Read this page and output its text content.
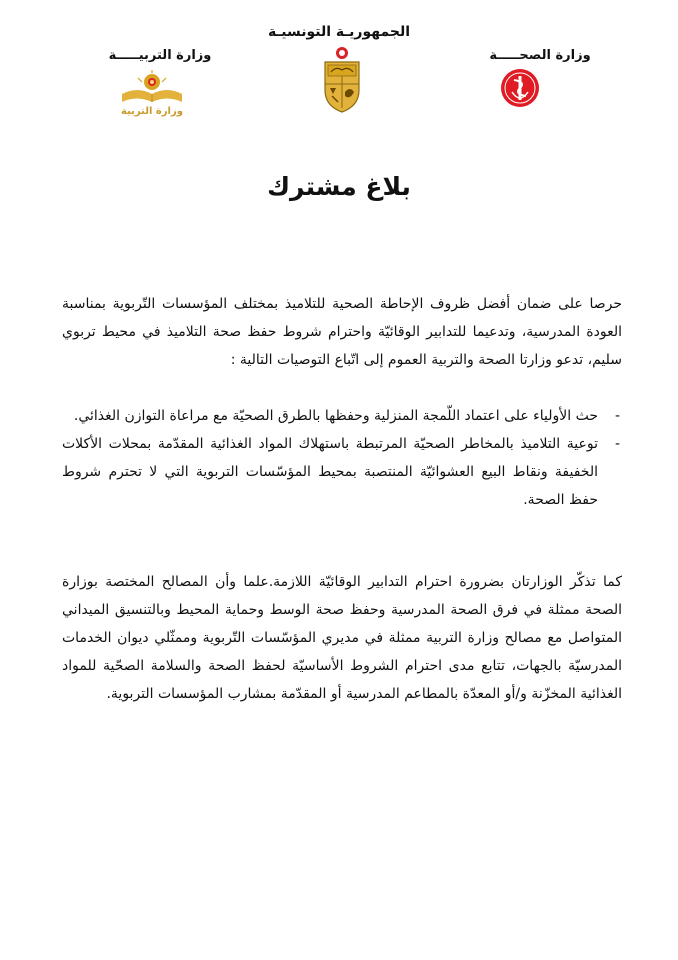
الجمهوريـة التونسيـة
وزارة التربيـــــة	وزارة الصحـــــة
وزارة التربية
بلاغ مشترك

حرصا على ضمان أفضل ظروف الإحاطة الصحية للتلاميذ بمختلف المؤسسات التّربوية بمناسبة العودة المدرسية، وتدعيما للتدابير الوقائيّة واحترام شروط حفظ صحة التلاميذ في محيط تربوي سليم، تدعو وزارتا الصحة والتربية العموم إلى اتّباع التوصيات التالية :

-
حث الأولياء على اعتماد اللّمجة المنزلية وحفظها بالطرق الصحيّة مع مراعاة التوازن الغذائي.
-
توعية التلاميذ بالمخاطر الصحيّة المرتبطة باستهلاك المواد الغذائية المقدّمة بمحلات الأكلات الخفيفة ونقاط البيع العشوائيّة المنتصبة بمحيط المؤسّسات التربوية التي لا تحترم شروط حفظ الصحة.

كما تذكّر الوزارتان بضرورة احترام التدابير الوقائيّة اللازمة.علما وأن المصالح المختصة بوزارة الصحة ممثلة في فرق الصحة المدرسية وحفظ صحة الوسط وحماية المحيط وبالتنسيق الميداني المتواصل مع مصالح وزارة التربية ممثلة في مديري المؤسّسات التّربوية وممثّلي ديوان الخدمات المدرسيّة بالجهات، تتابع مدى احترام الشروط الأساسيّة لحفظ الصحة والسلامة الصحّية للمواد الغذائية المخزّنة و/أو المعدّة بالمطاعم المدرسية أو المقدّمة بمشارب المؤسسات التربوية.
